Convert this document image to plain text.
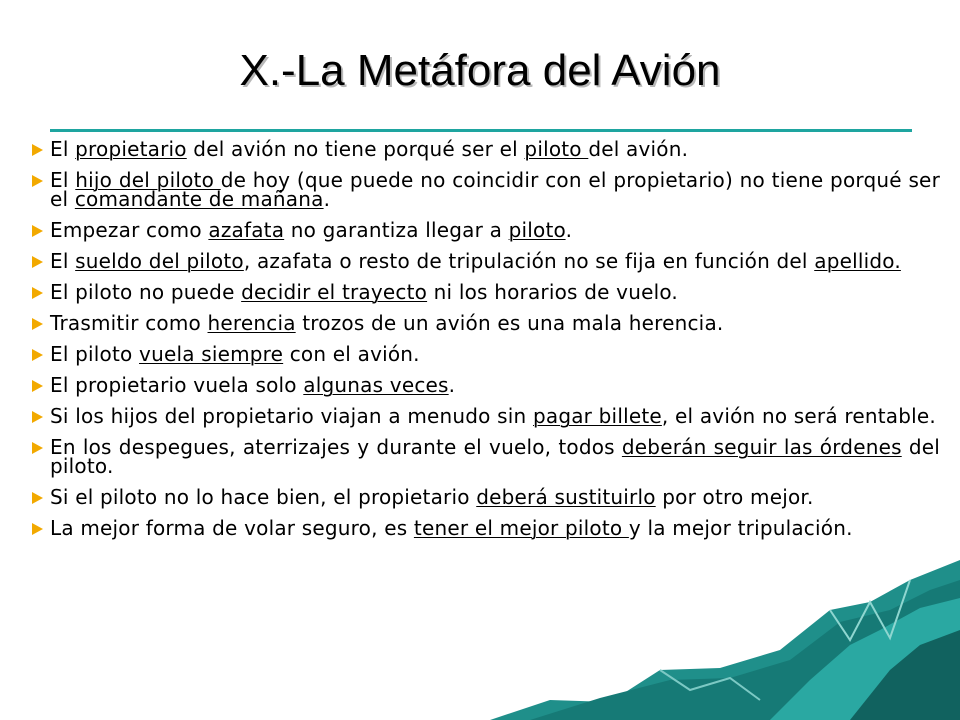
X.-La Metáfora del Avión
El propietario del avión no tiene porqué ser el piloto del avión.
El hijo del piloto de hoy (que puede no coincidir con el propietario) no tiene porqué ser el comandante de mañana.
Empezar como azafata no garantiza llegar a piloto.
El sueldo del piloto, azafata o resto de tripulación no se fija en función del apellido.
El piloto no puede decidir el trayecto ni los horarios de vuelo.
Trasmitir como herencia trozos de un avión es una mala herencia.
El piloto vuela siempre con el avión.
El propietario vuela solo algunas veces.
Si los hijos del propietario viajan a menudo sin pagar billete, el avión no será rentable.
En los despegues, aterrizajes y durante el vuelo, todos deberán seguir las órdenes del piloto.
Si el piloto no lo hace bien, el propietario deberá sustituirlo por otro mejor.
La mejor forma de volar seguro, es tener el mejor piloto y la mejor tripulación.
